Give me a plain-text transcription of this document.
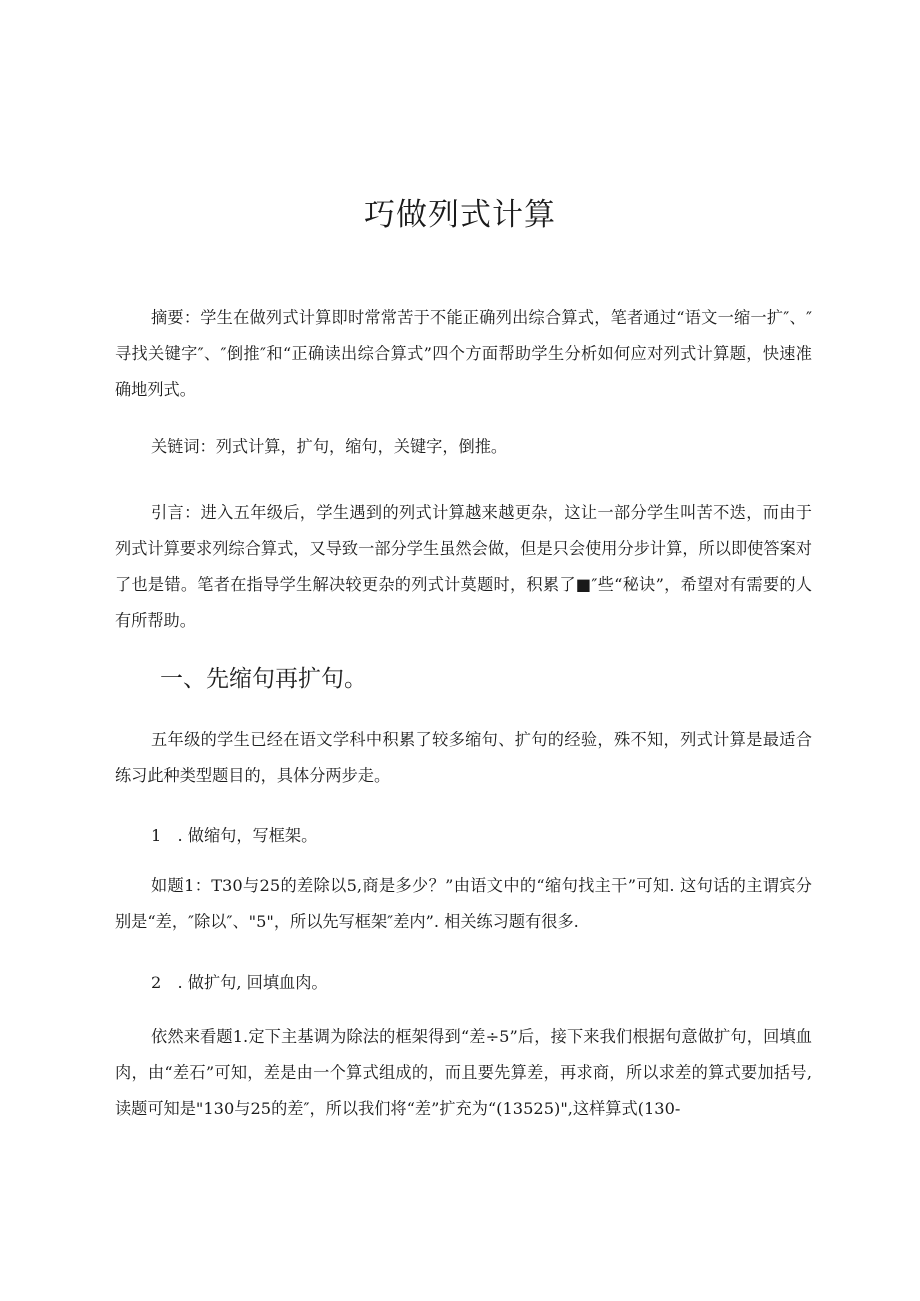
巧做列式计算

摘要：学生在做列式计算即时常常苦于不能正确列出综合算式，笔者通过“语文一缩一扩″、″寻找关键字″、″倒推″和“正确读出综合算式”四个方面帮助学生分析如何应对列式计算题，快速准确地列式。

关链词：列式计算，扩句，缩句，关键字，倒推。

引言：进入五年级后，学生遇到的列式计算越来越更杂，这让一部分学生叫苦不迭，而由于列式计算要求列综合算式，又导致一部分学生虽然会做，但是只会使用分步计算，所以即使答案对了也是错。笔者在指导学生解决较更杂的列式计莫题时，积累了■″些“秘诀”，希望对有需要的人有所帮助。

一、先缩句再扩句。

五年级的学生已经在语文学科中积累了较多缩句、扩句的经验，殊不知，列式计算是最适合练习此种类型题目的，具体分两步走。

1　. 做缩句，写框架。

如题1：T30与25的差除以5,商是多少？”由语文中的“缩句找主干”可知. 这句话的主谓宾分别是“差，″除以″、"5"，所以先写框架″差内”. 相关练习题有很多.

2　. 做扩句, 回填血肉。

依然来看题1.定下主基调为除法的框架得到“差÷5”后，接下来我们根据句意做扩句，回填血肉，由“差石”可知，差是由一个算式组成的，而且要先算差，再求商，所以求差的算式要加括号, 读题可知是"130与25的差″，所以我们将“差”扩充为“(13525)",这样算式(130-
